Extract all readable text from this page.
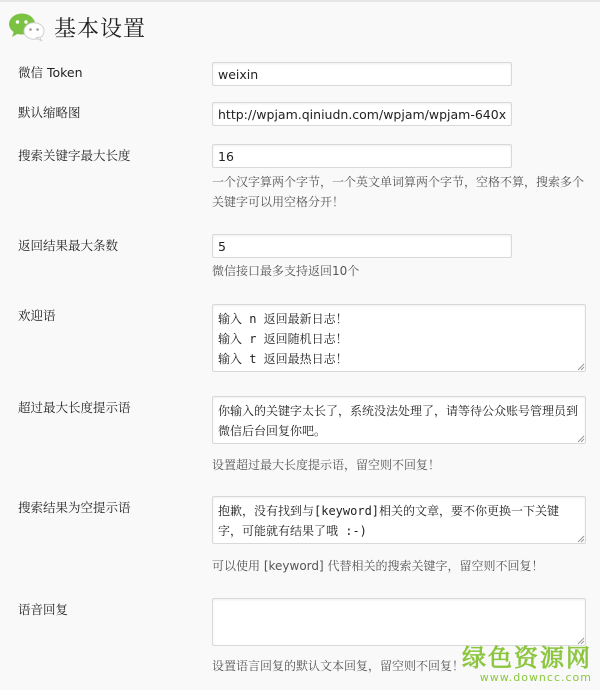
基本设置
微信 Token
weixin
默认缩略图
http://wpjam.qiniudn.com/wpjam/wpjam-640x320.
搜索关键字最大长度
16
一个汉字算两个字节，一个英文单词算两个字节，空格不算，搜索多个关键字可以用空格分开！
返回结果最大条数
5
微信接口最多支持返回10个
欢迎语
输入 n 返回最新日志！ 输入 r 返回随机日志！ 输入 t 返回最热日志！
超过最大长度提示语
你输入的关键字太长了，系统没法处理了，请等待公众账号管理员到微信后台回复你吧。
设置超过最大长度提示语，留空则不回复！
搜索结果为空提示语
抱歉，没有找到与[keyword]相关的文章，要不你更换一下关键字，可能就有结果了哦 :-)
可以使用 [keyword] 代替相关的搜索关键字，留空则不回复！
语音回复
设置语言回复的默认文本回复，留空则不回复！
绿色资源网
www.downcc.com
